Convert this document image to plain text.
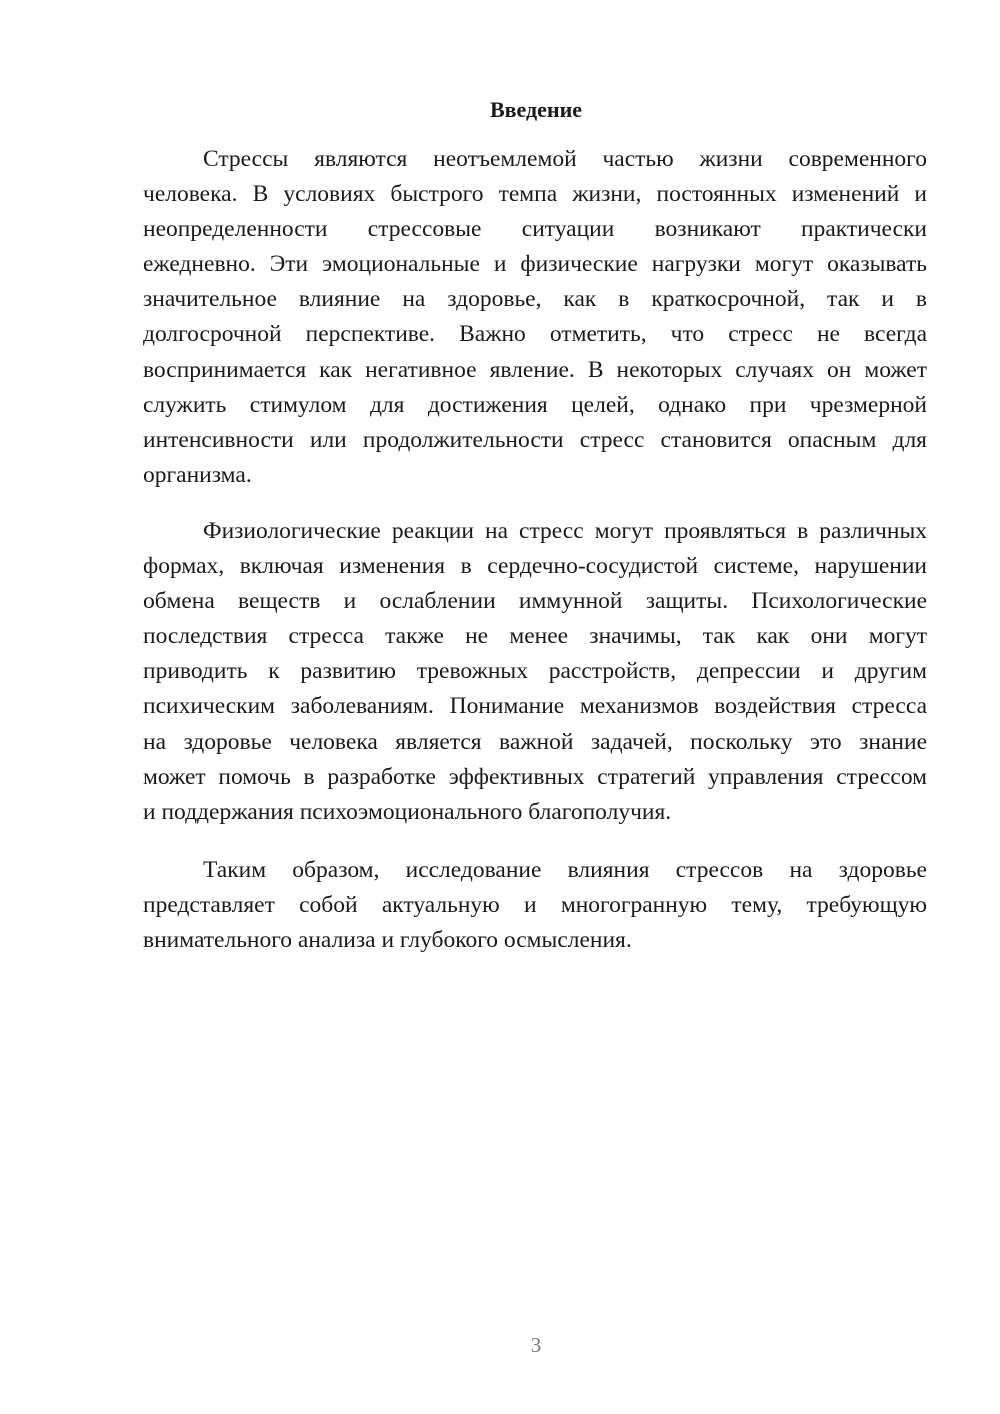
Введение
Стрессы являются неотъемлемой частью жизни современного
человека. В условиях быстрого темпа жизни, постоянных изменений и
неопределенности стрессовые ситуации возникают практически
ежедневно. Эти эмоциональные и физические нагрузки могут оказывать
значительное влияние на здоровье, как в краткосрочной, так и в
долгосрочной перспективе. Важно отметить, что стресс не всегда
воспринимается как негативное явление. В некоторых случаях он может
служить стимулом для достижения целей, однако при чрезмерной
интенсивности или продолжительности стресс становится опасным для
организма.
Физиологические реакции на стресс могут проявляться в различных
формах, включая изменения в сердечно-сосудистой системе, нарушении
обмена веществ и ослаблении иммунной защиты. Психологические
последствия стресса также не менее значимы, так как они могут
приводить к развитию тревожных расстройств, депрессии и другим
психическим заболеваниям. Понимание механизмов воздействия стресса
на здоровье человека является важной задачей, поскольку это знание
может помочь в разработке эффективных стратегий управления стрессом
и поддержания психоэмоционального благополучия.
Таким образом, исследование влияния стрессов на здоровье
представляет собой актуальную и многогранную тему, требующую
внимательного анализа и глубокого осмысления.
3
